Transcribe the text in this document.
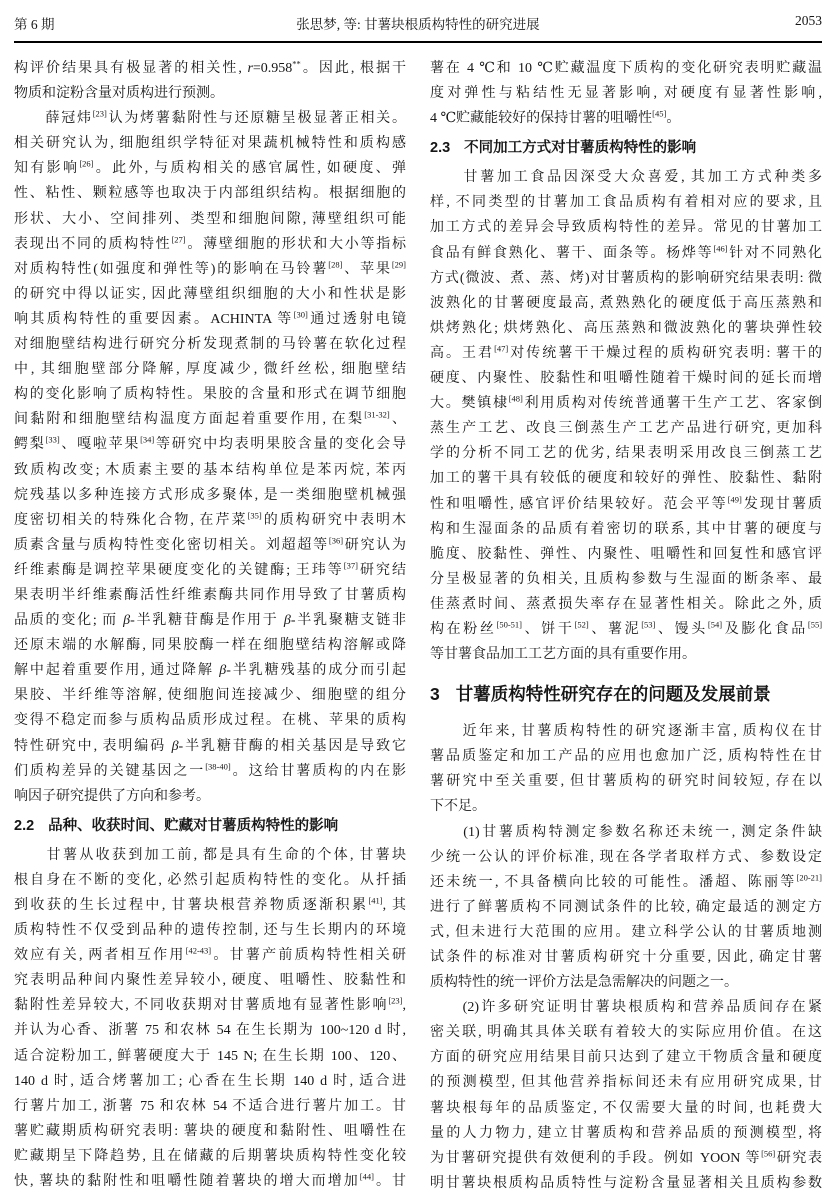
第 6 期	张思梦, 等: 甘薯块根质构特性的研究进展	2053
构评价结果具有极显著的相关性, r=0.958**。因此, 根据干
物质和淀粉含量对质构进行预测。
　　薛冠炜[23]认为烤薯黏附性与还原糖呈极显著正相关。
相关研究认为, 细胞组织学特征对果蔬机械特性和质构感
知有影响[26]。此外, 与质构相关的感官属性, 如硬度、弹
性、粘性、颗粒感等也取决于内部组织结构。根据细胞的
形状、大小、空间排列、类型和细胞间隙, 薄壁组织可能
表现出不同的质构特性[27]。薄壁细胞的形状和大小等指标
对质构特性(如强度和弹性等)的影响在马铃薯[28]、苹果[29]
的研究中得以证实, 因此薄壁组织细胞的大小和性状是影
响其质构特性的重要因素。ACHINTA 等[30]通过透射电镜
对细胞壁结构进行研究分析发现煮制的马铃薯在软化过程
中, 其细胞壁部分降解, 厚度减少, 微纤丝松, 细胞壁结
构的变化影响了质构特性。果胶的含量和形式在调节细胞
间黏附和细胞壁结构温度方面起着重要作用, 在梨[31-32]、
鳄梨[33]、嘎啦苹果[34]等研究中均表明果胶含量的变化会导
致质构改变; 木质素主要的基本结构单位是苯丙烷, 苯丙
烷残基以多种连接方式形成多聚体, 是一类细胞壁机械强
度密切相关的特殊化合物, 在芹菜[35]的质构研究中表明木
质素含量与质构特性变化密切相关。刘超超等[36]研究认为
纤维素酶是调控苹果硬度变化的关键酶; 王玮等[37]研究结
果表明半纤维素酶活性纤维素酶共同作用导致了甘薯质构
品质的变化; 而 β-半乳糖苷酶是作用于 β-半乳聚糖支链非
还原末端的水解酶, 同果胶酶一样在细胞壁结构溶解或降
解中起着重要作用, 通过降解 β-半乳糖残基的成分而引起
果胶、半纤维等溶解, 使细胞间连接减少、细胞壁的组分
变得不稳定而参与质构品质形成过程。在桃、苹果的质构
特性研究中, 表明编码 β-半乳糖苷酶的相关基因是导致它
们质构差异的关键基因之一[38-40]。这给甘薯质构的内在影
响因子研究提供了方向和参考。
2.2 品种、收获时间、贮藏对甘薯质构特性的影响
　　甘薯从收获到加工前, 都是具有生命的个体, 甘薯块
根自身在不断的变化, 必然引起质构特性的变化。从扦插
到收获的生长过程中, 甘薯块根营养物质逐渐积累[41], 其
质构特性不仅受到品种的遗传控制, 还与生长期内的环境
效应有关, 两者相互作用[42-43]。甘薯产前质构特性相关研
究表明品种间内聚性差异较小, 硬度、咀嚼性、胶黏性和
黏附性差异较大, 不同收获期对甘薯质地有显著性影响[23],
并认为心香、浙薯 75 和农林 54 在生长期为 100~120 d 时,
适合淀粉加工, 鲜薯硬度大于 145 N; 在生长期 100、120、
140 d 时, 适合烤薯加工; 心香在生长期 140 d 时, 适合进
行薯片加工, 浙薯 75 和农林 54 不适合进行薯片加工。甘
薯贮藏期质构研究表明: 薯块的硬度和黏附性、咀嚼性在
贮藏期呈下降趋势, 且在储藏的后期薯块质构特性变化较
快, 薯块的黏附性和咀嚼性随着薯块的增大而增加[44]。甘
薯在 4 ℃和 10 ℃贮藏温度下质构的变化研究表明贮藏温
度对弹性与粘结性无显著影响, 对硬度有显著性影响,
4 ℃贮藏能较好的保持甘薯的咀嚼性[45]。
2.3 不同加工方式对甘薯质构特性的影响
　　甘薯加工食品因深受大众喜爱, 其加工方式种类多
样, 不同类型的甘薯加工食品质构有着相对应的要求, 且
加工方式的差异会导致质构特性的差异。常见的甘薯加工
食品有鲜食熟化、薯干、面条等。杨烨等[46]针对不同熟化
方式(微波、煮、蒸、烤)对甘薯质构的影响研究结果表明: 微
波熟化的甘薯硬度最高, 煮熟熟化的硬度低于高压蒸熟和
烘烤熟化; 烘烤熟化、高压蒸熟和微波熟化的薯块弹性较
高。王君[47]对传统薯干干燥过程的质构研究表明: 薯干的
硬度、内聚性、胶黏性和咀嚼性随着干燥时间的延长而增
大。樊镇棣[48]利用质构对传统普通薯干生产工艺、客家倒
蒸生产工艺、改良三倒蒸生产工艺产品进行研究, 更加科
学的分析不同工艺的优劣, 结果表明采用改良三倒蒸工艺
加工的薯干具有较低的硬度和较好的弹性、胶黏性、黏附
性和咀嚼性, 感官评价结果较好。范会平等[49]发现甘薯质
构和生湿面条的品质有着密切的联系, 其中甘薯的硬度与
脆度、胶黏性、弹性、内聚性、咀嚼性和回复性和感官评
分呈极显著的负相关, 且质构参数与生湿面的断条率、最
佳蒸煮时间、蒸煮损失率存在显著性相关。除此之外, 质
构在粉丝[50-51]、饼干[52]、薯泥[53]、馒头[54]及膨化食品[55]
等甘薯食品加工工艺方面的具有重要作用。
3 甘薯质构特性研究存在的问题及发展前景
　　近年来, 甘薯质构特性的研究逐渐丰富, 质构仪在甘
薯品质鉴定和加工产品的应用也愈加广泛, 质构特性在甘
薯研究中至关重要, 但甘薯质构的研究时间较短, 存在以
下不足。
　　(1)甘薯质构特测定参数名称还未统一, 测定条件缺
少统一公认的评价标准, 现在各学者取样方式、参数设定
还未统一, 不具备横向比较的可能性。潘超、陈丽等[20-21]
进行了鲜薯质构不同测试条件的比较, 确定最适的测定方
式, 但未进行大范围的应用。建立科学公认的甘薯质地测
试条件的标准对甘薯质构研究十分重要, 因此, 确定甘薯
质构特性的统一评价方法是急需解决的问题之一。
　　(2)许多研究证明甘薯块根质构和营养品质间存在紧
密关联, 明确其具体关联有着较大的实际应用价值。在这
方面的研究应用结果目前只达到了建立干物质含量和硬度
的预测模型, 但其他营养指标间还未有应用研究成果, 甘
薯块根每年的品质鉴定, 不仅需要大量的时间, 也耗费大
量的人力物力, 建立甘薯质构和营养品质的预测模型, 将
为甘薯研究提供有效便利的手段。例如 YOON 等[56]研究表
明甘薯块根质构品质特性与淀粉含量显著相关且质构参数
